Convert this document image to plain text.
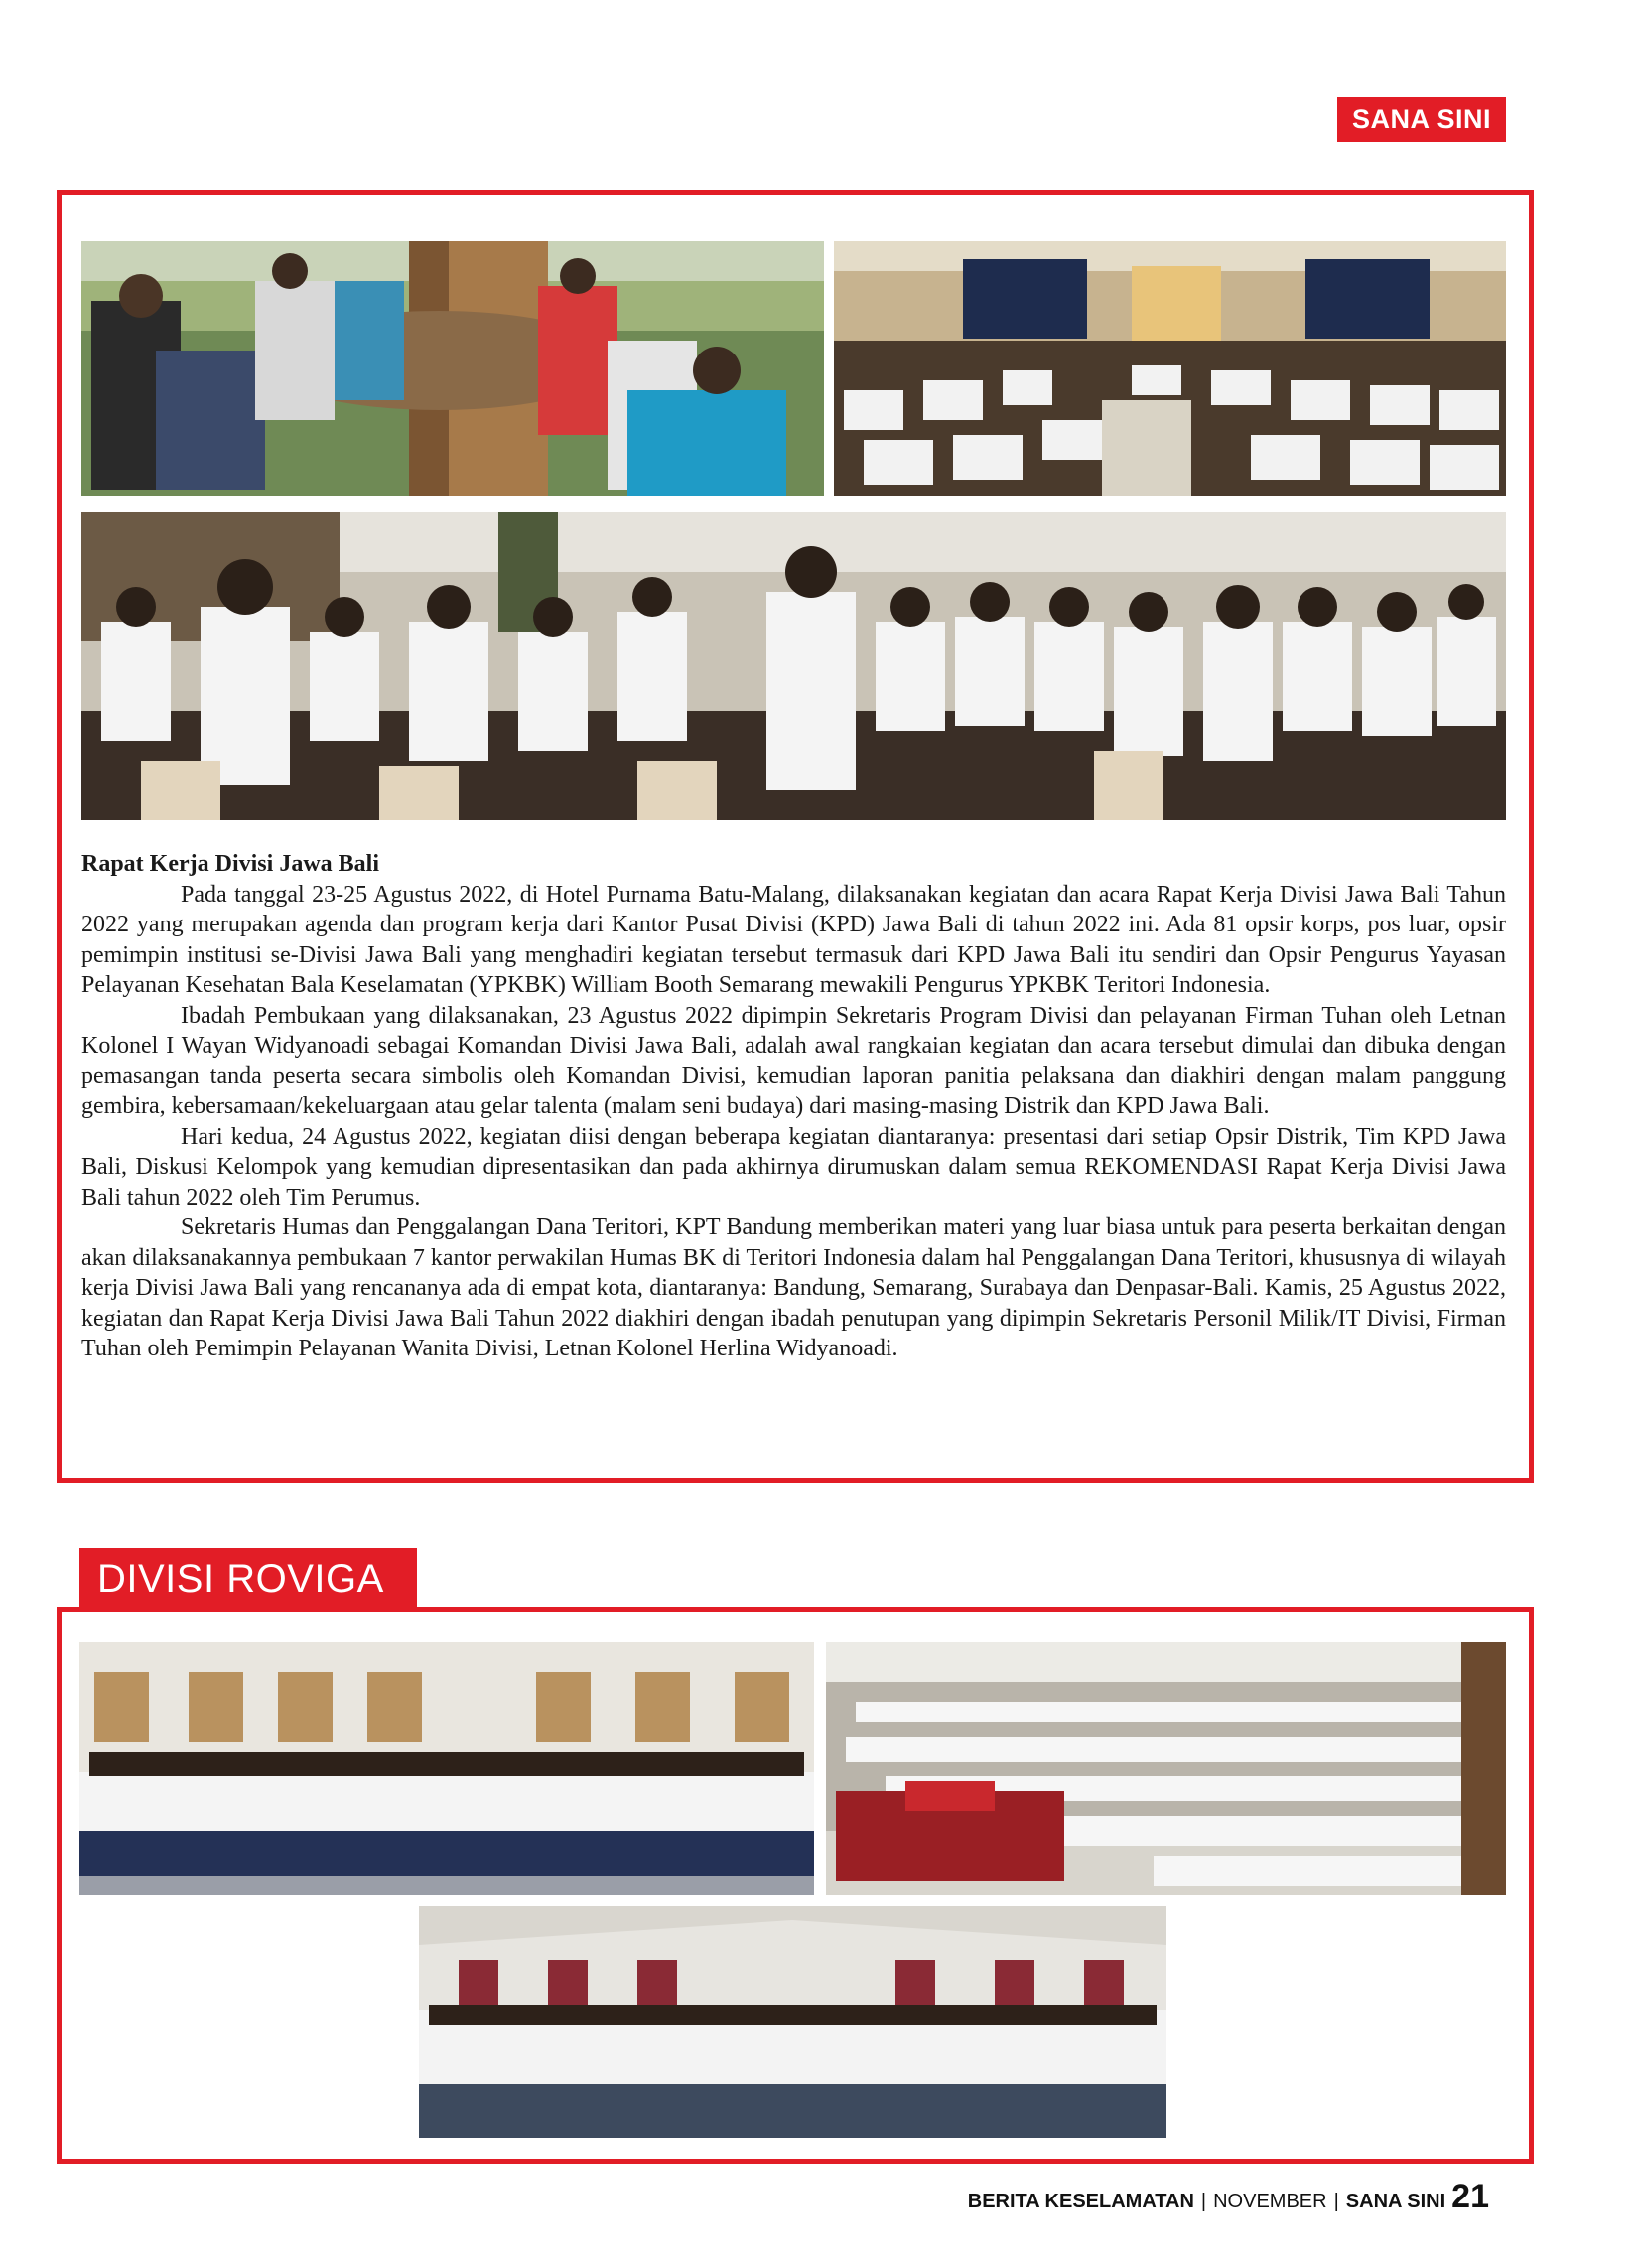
SANA SINI
Rapat Kerja Divisi Jawa Bali

Pada tanggal 23-25 Agustus 2022, di Hotel Purnama Batu-Malang, dilaksanakan kegiatan dan acara Rapat Kerja Divisi Jawa Bali Tahun 2022 yang merupakan agenda dan program kerja dari Kantor Pusat Divisi (KPD) Jawa Bali di tahun 2022 ini. Ada 81 opsir korps, pos luar, opsir pemimpin institusi se-Divisi Jawa Bali yang menghadiri kegiatan tersebut termasuk dari KPD Jawa Bali itu sendiri dan Opsir Pengurus Yayasan Pelayanan Kesehatan Bala Keselamatan (YPKBK) William Booth Semarang mewakili Pengurus YPKBK Teritori Indonesia.

Ibadah Pembukaan yang dilaksanakan, 23 Agustus 2022 dipimpin Sekretaris Program Divisi dan pelayanan Firman Tuhan oleh Letnan Kolonel I Wayan Widyanoadi sebagai Komandan Divisi Jawa Bali, adalah awal rangkaian kegiatan dan acara tersebut dimulai dan dibuka dengan pemasangan tanda peserta secara simbolis oleh Komandan Divisi, kemudian laporan panitia pelaksana dan diakhiri dengan malam panggung gembira, kebersamaan/kekeluargaan atau gelar talenta (malam seni budaya) dari masing-masing Distrik dan KPD Jawa Bali.

Hari kedua, 24 Agustus 2022, kegiatan diisi dengan beberapa kegiatan diantaranya: presentasi dari setiap Opsir Distrik, Tim KPD Jawa Bali, Diskusi Kelompok yang kemudian dipresentasikan dan pada akhirnya dirumuskan dalam semua REKOMENDASI Rapat Kerja Divisi Jawa Bali tahun 2022 oleh Tim Perumus.

Sekretaris Humas dan Penggalangan Dana Teritori, KPT Bandung memberikan materi yang luar biasa untuk para peserta berkaitan dengan akan dilaksanakannya pembukaan 7 kantor perwakilan Humas BK di Teritori Indonesia dalam hal Penggalangan Dana Teritori, khususnya di wilayah kerja Divisi Jawa Bali yang rencananya ada di empat kota, diantaranya: Bandung, Semarang, Surabaya dan Denpasar-Bali. Kamis, 25 Agustus 2022, kegiatan dan Rapat Kerja Divisi Jawa Bali Tahun 2022 diakhiri dengan ibadah penutupan yang dipimpin Sekretaris Personil Milik/IT Divisi, Firman Tuhan oleh Pemimpin Pelayanan Wanita Divisi, Letnan Kolonel Herlina Widyanoadi.

DIVISI ROVIGA
BERITA KESELAMATAN | NOVEMBER | SANA SINI 21
